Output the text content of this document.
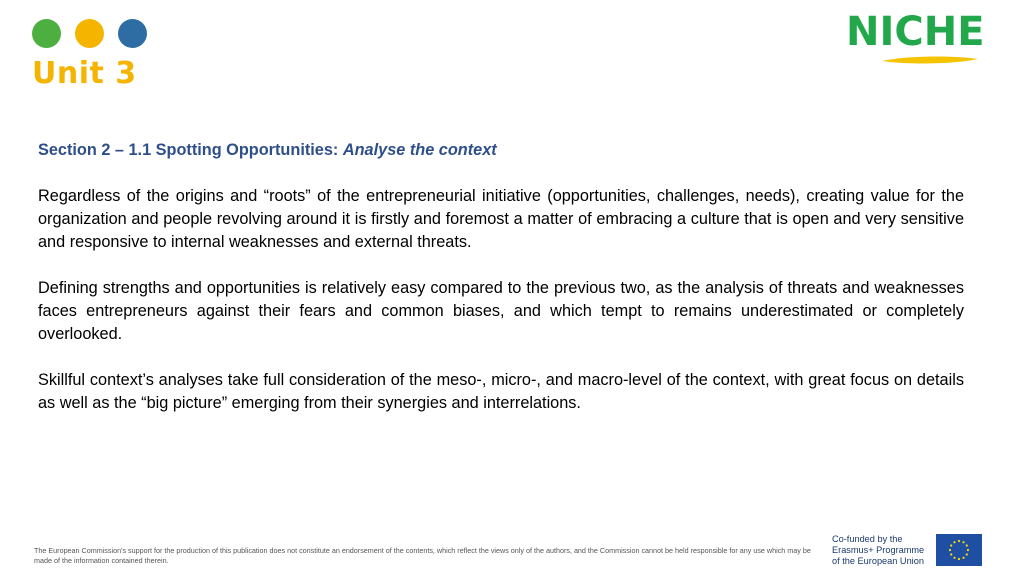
Unit 3
NICHE
Section 2 – 1.1 Spotting Opportunities: Analyse the context

Regardless of the origins and “roots” of the entrepreneurial initiative (opportunities, challenges, needs), creating value for the organization and people revolving around it is firstly and foremost a matter of embracing a culture that is open and very sensitive and responsive to internal weaknesses and external threats.

Defining strengths and opportunities is relatively easy compared to the previous two, as the analysis of threats and weaknesses faces entrepreneurs against their fears and common biases, and which tempt to remains underestimated or completely overlooked.

Skillful context’s analyses take full consideration of the meso-, micro-, and macro-level of the context, with great focus on details as well as the “big picture” emerging from their synergies and interrelations.

The European Commission's support for the production of this publication does not constitute an endorsement of the contents, which reflect the views only of the authors, and the Commission cannot be held responsible for any use which may be made of the information contained therein.
Co-funded by the
Erasmus+ Programme
of the European Union
